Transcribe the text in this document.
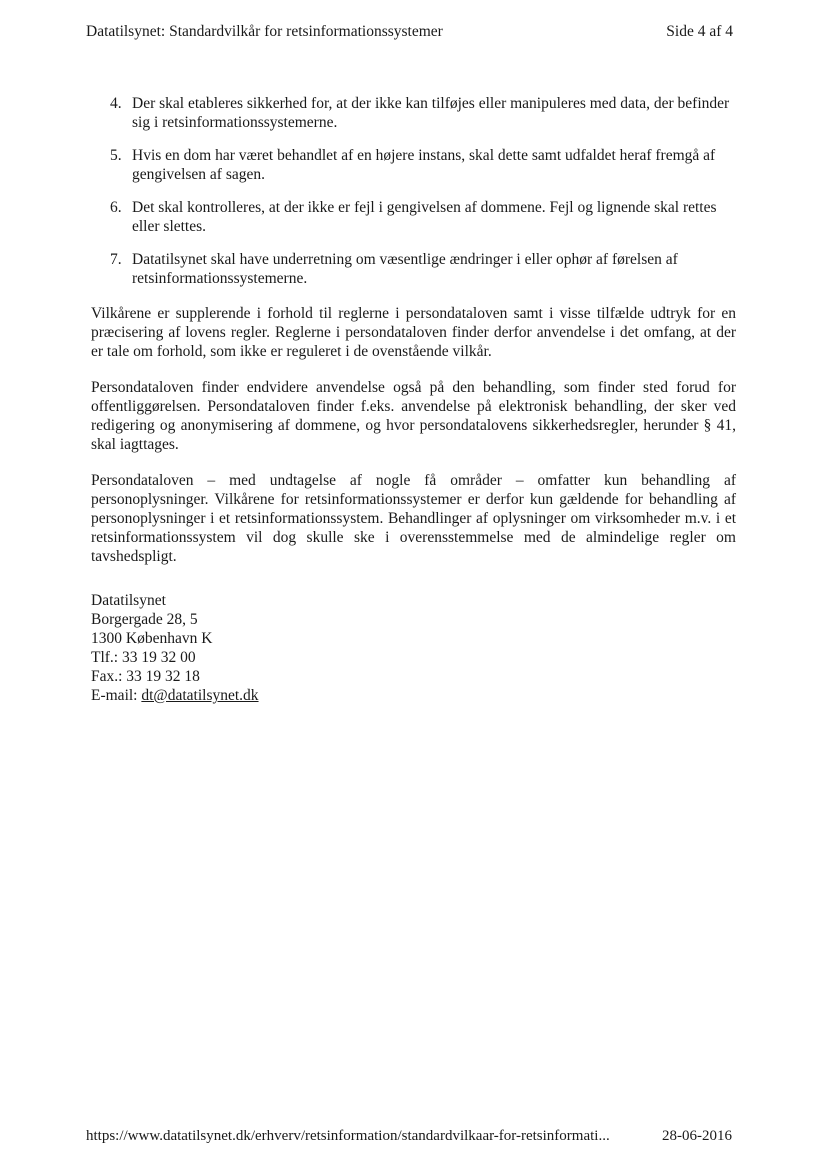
Datatilsynet: Standardvilkår for retsinformationssystemer	Side 4 af 4
4. Der skal etableres sikkerhed for, at der ikke kan tilføjes eller manipuleres med data, der befinder sig i retsinformationssystemerne.
5. Hvis en dom har været behandlet af en højere instans, skal dette samt udfaldet heraf fremgå af gengivelsen af sagen.
6. Det skal kontrolleres, at der ikke er fejl i gengivelsen af dommene. Fejl og lignende skal rettes eller slettes.
7. Datatilsynet skal have underretning om væsentlige ændringer i eller ophør af førelsen af retsinformationssystemerne.

Vilkårene er supplerende i forhold til reglerne i persondataloven samt i visse tilfælde udtryk for en præcisering af lovens regler. Reglerne i persondataloven finder derfor anvendelse i det omfang, at der er tale om forhold, som ikke er reguleret i de ovenstående vilkår.

Persondataloven finder endvidere anvendelse også på den behandling, som finder sted forud for offentliggørelsen. Persondataloven finder f.eks. anvendelse på elektronisk behandling, der sker ved redigering og anonymisering af dommene, og hvor persondatalovens sikkerhedsregler, herunder § 41, skal iagttages.

Persondataloven – med undtagelse af nogle få områder – omfatter kun behandling af personoplysninger. Vilkårene for retsinformationssystemer er derfor kun gældende for behandling af personoplysninger i et retsinformationssystem. Behandlinger af oplysninger om virksomheder m.v. i et retsinformationssystem vil dog skulle ske i overensstemmelse med de almindelige regler om tavshedspligt.

Datatilsynet
Borgergade 28, 5
1300 København K
Tlf.: 33 19 32 00
Fax.: 33 19 32 18
E-mail: dt@datatilsynet.dk
https://www.datatilsynet.dk/erhverv/retsinformation/standardvilkaar-for-retsinformati...	28-06-2016
